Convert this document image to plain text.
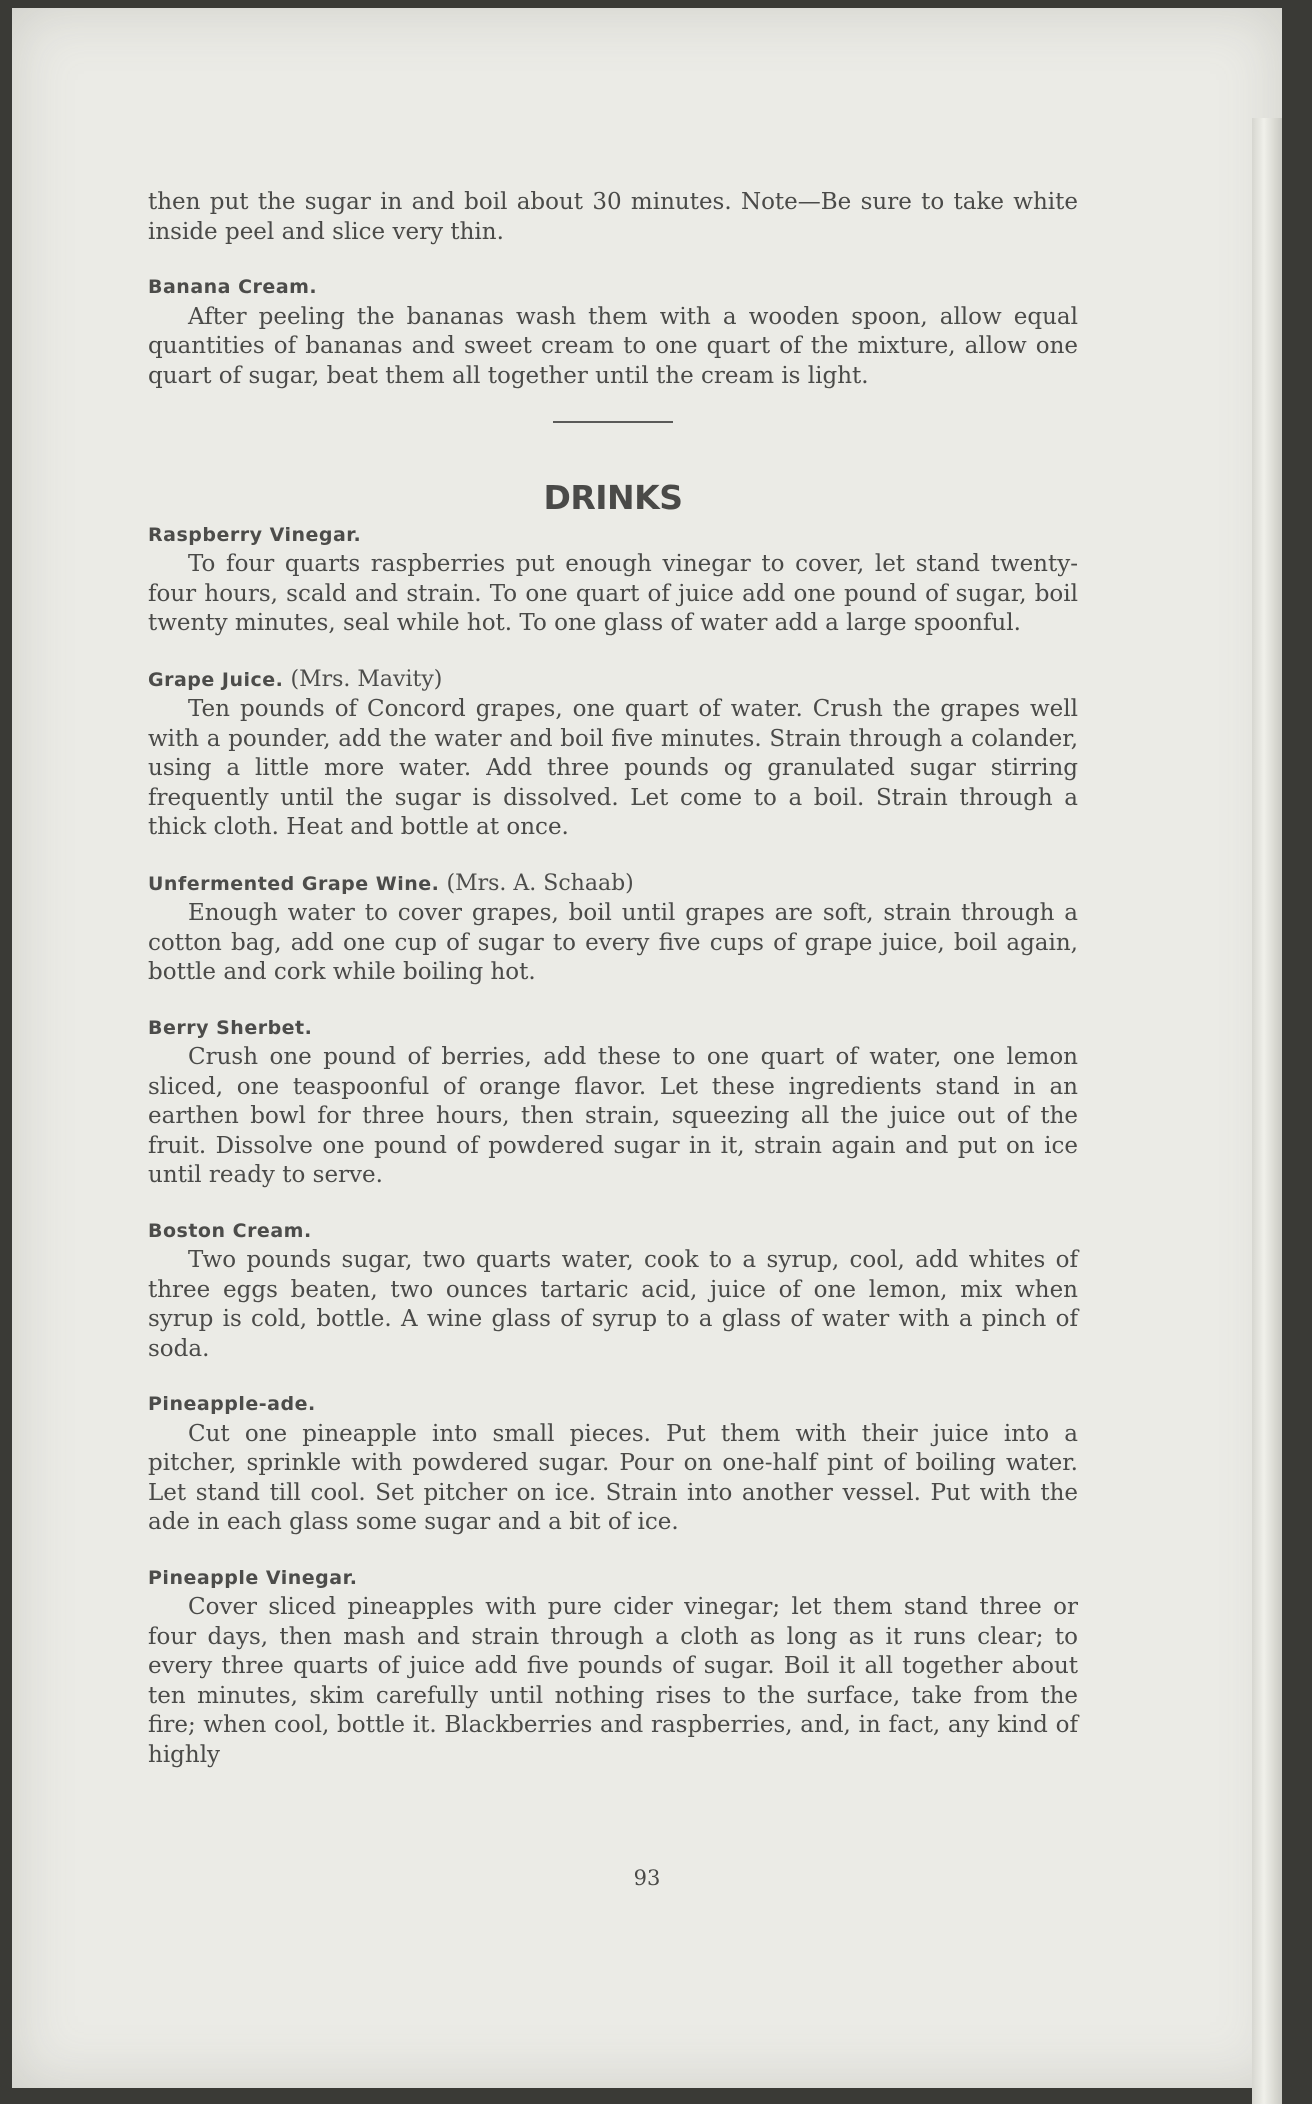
then put the sugar in and boil about 30 minutes. Note—Be sure to take white inside peel and slice very thin.

Banana Cream.

After peeling the bananas wash them with a wooden spoon, allow equal quantities of bananas and sweet cream to one quart of the mixture, allow one quart of sugar, beat them all together until the cream is light.

DRINKS
Raspberry Vinegar.

To four quarts raspberries put enough vinegar to cover, let stand twenty-four hours, scald and strain. To one quart of juice add one pound of sugar, boil twenty minutes, seal while hot. To one glass of water add a large spoonful.

Grape Juice. (Mrs. Mavity)

Ten pounds of Concord grapes, one quart of water. Crush the grapes well with a pounder, add the water and boil five minutes. Strain through a colander, using a little more water. Add three pounds og granulated sugar stirring frequently until the sugar is dissolved. Let come to a boil. Strain through a thick cloth. Heat and bottle at once.

Unfermented Grape Wine. (Mrs. A. Schaab)

Enough water to cover grapes, boil until grapes are soft, strain through a cotton bag, add one cup of sugar to every five cups of grape juice, boil again, bottle and cork while boiling hot.

Berry Sherbet.

Crush one pound of berries, add these to one quart of water, one lemon sliced, one teaspoonful of orange flavor. Let these ingredients stand in an earthen bowl for three hours, then strain, squeezing all the juice out of the fruit. Dissolve one pound of powdered sugar in it, strain again and put on ice until ready to serve.

Boston Cream.

Two pounds sugar, two quarts water, cook to a syrup, cool, add whites of three eggs beaten, two ounces tartaric acid, juice of one lemon, mix when syrup is cold, bottle. A wine glass of syrup to a glass of water with a pinch of soda.

Pineapple-ade.

Cut one pineapple into small pieces. Put them with their juice into a pitcher, sprinkle with powdered sugar. Pour on one-half pint of boiling water. Let stand till cool. Set pitcher on ice. Strain into another vessel. Put with the ade in each glass some sugar and a bit of ice.

Pineapple Vinegar.

Cover sliced pineapples with pure cider vinegar; let them stand three or four days, then mash and strain through a cloth as long as it runs clear; to every three quarts of juice add five pounds of sugar. Boil it all together about ten minutes, skim carefully until nothing rises to the surface, take from the fire; when cool, bottle it. Blackberries and raspberries, and, in fact, any kind of highly

93
